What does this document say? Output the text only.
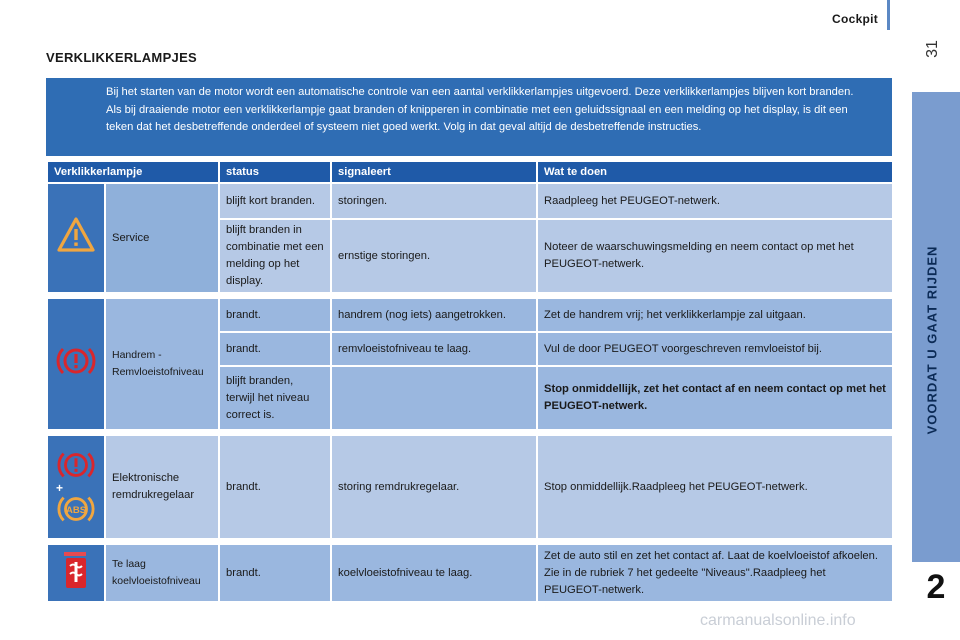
Cockpit
31
VOORDAT U GAAT RIJDEN
2
VERKLIKKERLAMPJES
Bij het starten van de motor wordt een automatische controle van een aantal verklikkerlampjes uitgevoerd. Deze verklikkerlampjes blijven kort branden. Als bij draaiende motor een verklikkerlampje gaat branden of knipperen in combinatie met een geluidssignaal en een melding op het display, is dit een teken dat het desbetreffende onderdeel of systeem niet goed werkt. Volg in dat geval altijd de desbetreffende instructies.
Verklikkerlampje		status	signaleert	Wat te doen
	Service	blijft kort branden.	storingen.	Raadpleeg het PEUGEOT-netwerk.
		blijft branden in combinatie met een melding op het display.	ernstige storingen.	Noteer de waarschuwingsmelding en neem contact op met het PEUGEOT-netwerk.

	Handrem - Remvloeistofniveau	brandt.	handrem (nog iets) aangetrokken.	Zet de handrem vrij; het verklikkerlampje zal uitgaan.
		brandt.	remvloeistofniveau te laag.	Vul de door PEUGEOT voorgeschreven remvloeistof bij.
		blijft branden, terwijl het niveau correct is.		Stop onmiddellijk, zet het contact af en neem contact op met het PEUGEOT-netwerk.

+
ABS	Elektronische remdrukregelaar	brandt.	storing remdrukregelaar.	Stop onmiddellijk.Raadpleeg het PEUGEOT-netwerk.

	Te laag koelvloeistofniveau	brandt.	koelvloeistofniveau te laag.	Zet de auto stil en zet het contact af. Laat de koelvloeistof afkoelen. Zie in de rubriek 7 het gedeelte "Niveaus".Raadpleeg het PEUGEOT-netwerk.
carmanualsonline.info
